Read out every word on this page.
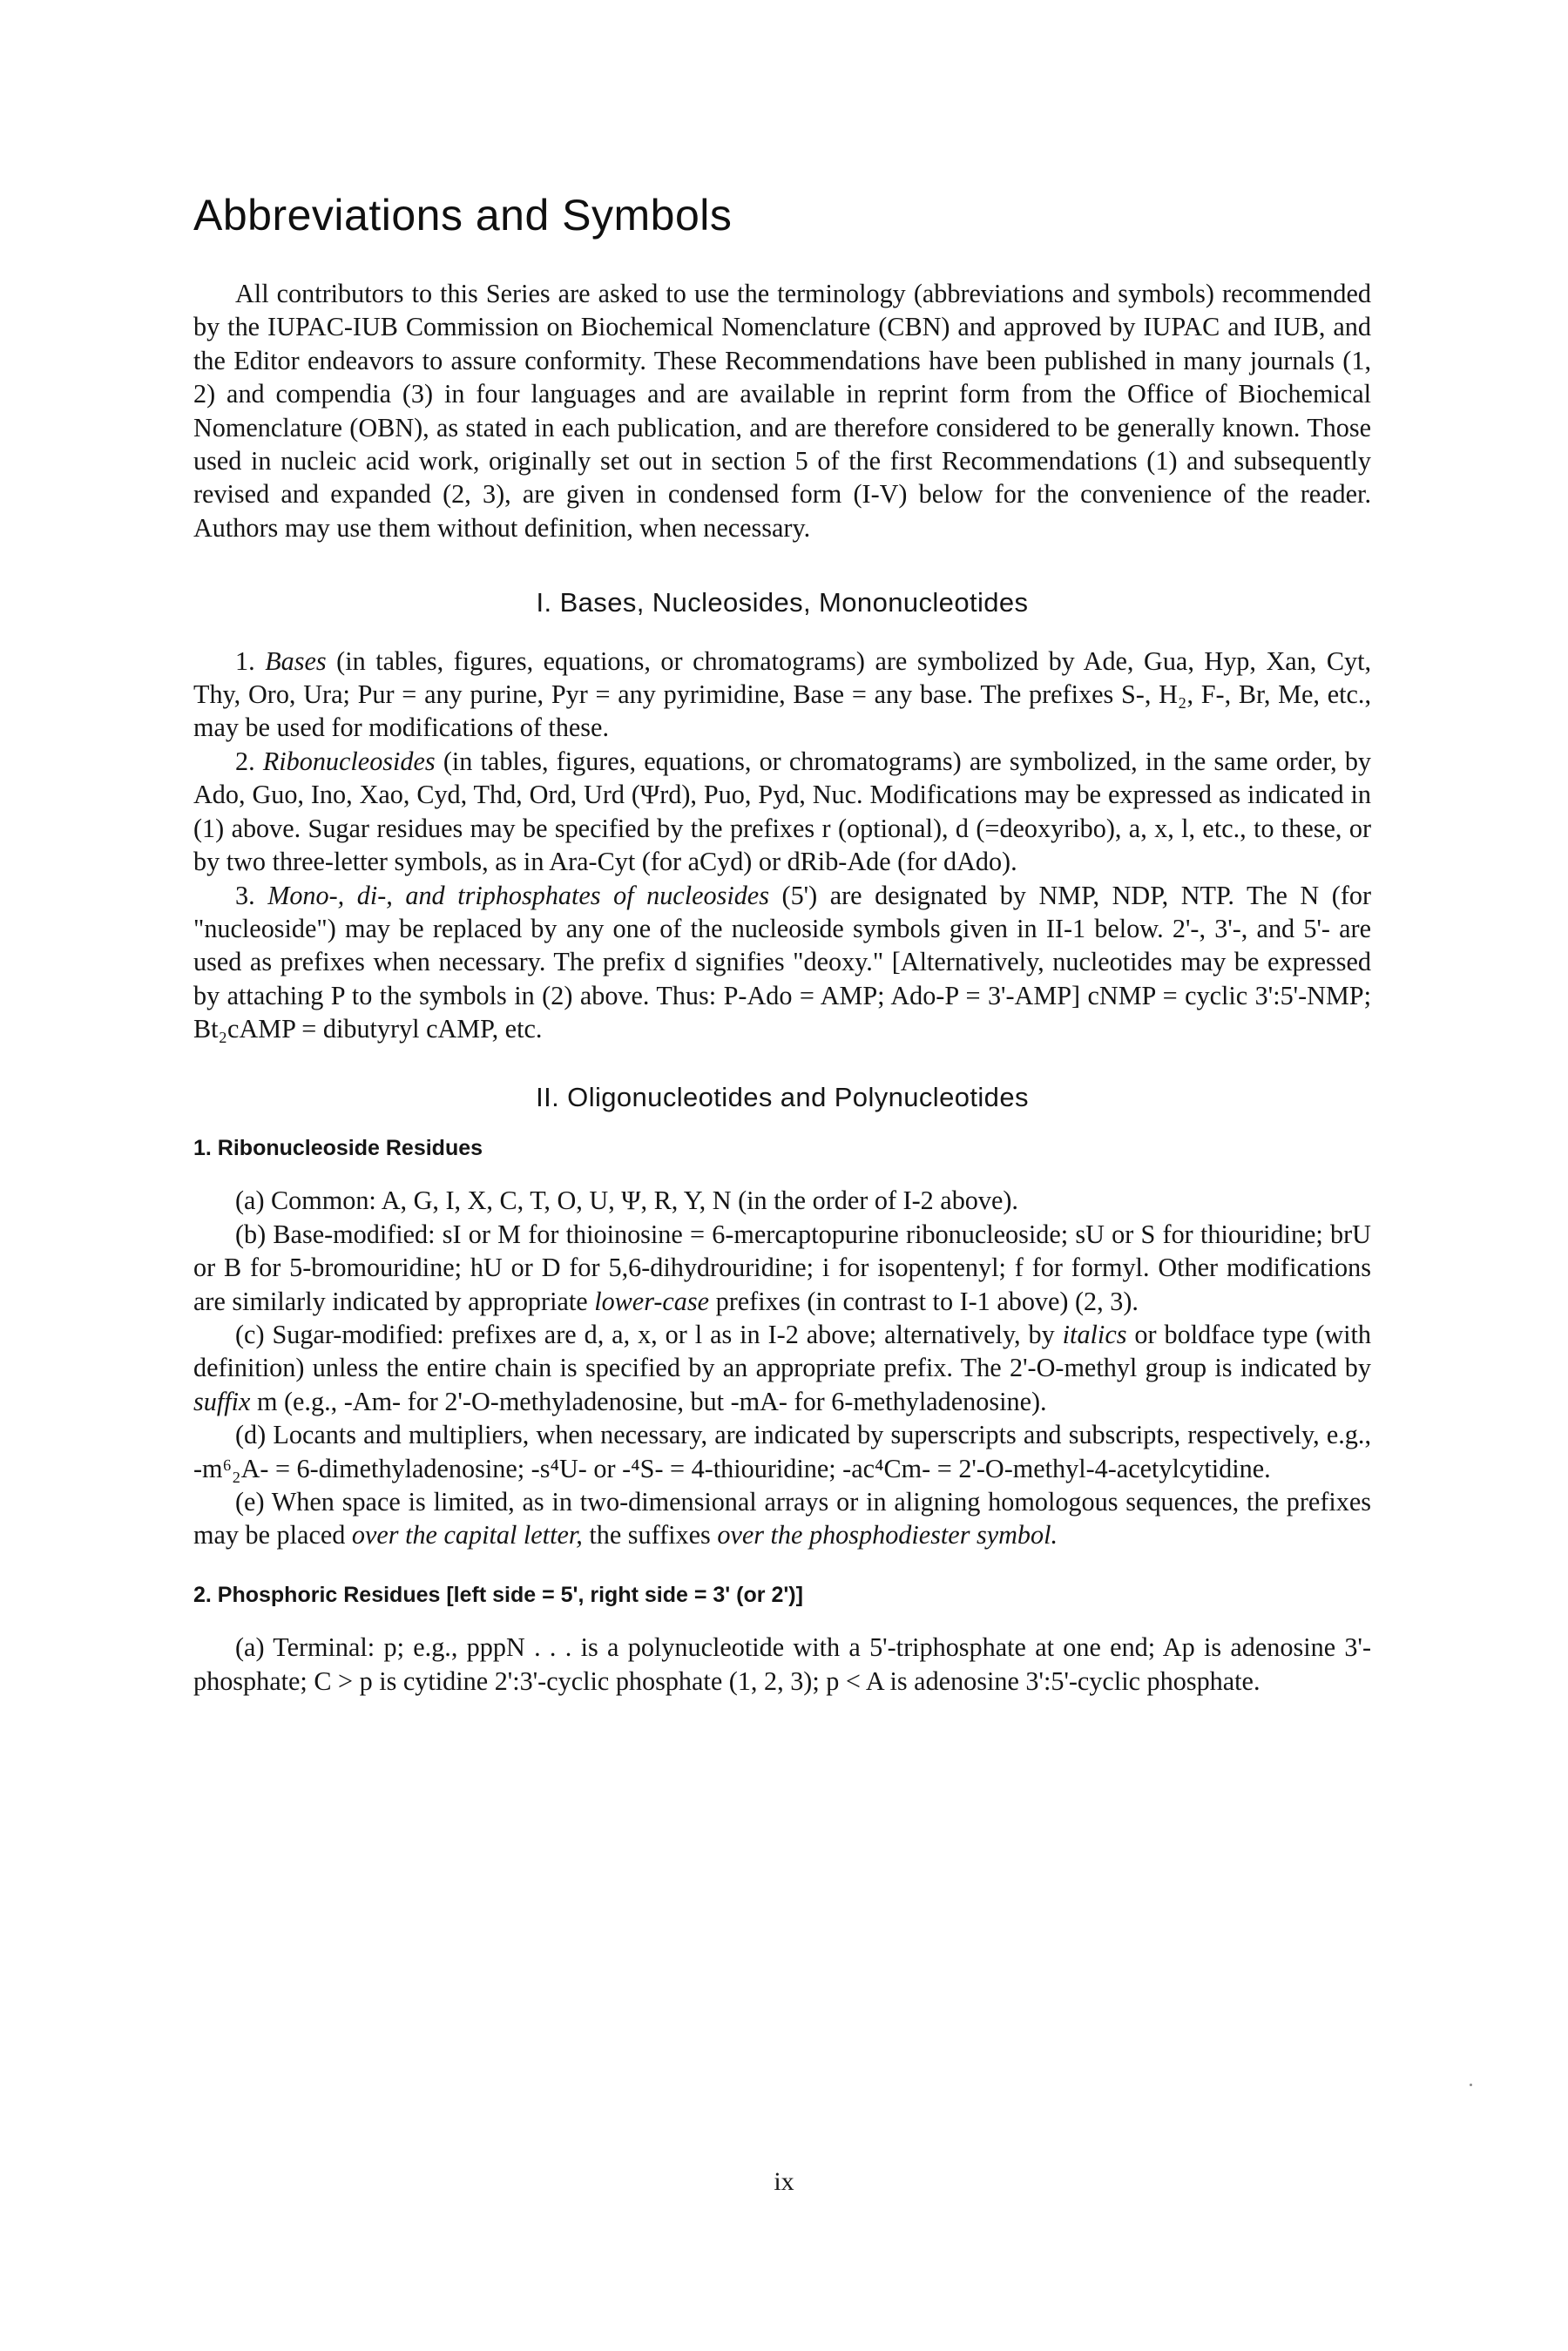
Abbreviations and Symbols

All contributors to this Series are asked to use the terminology (abbreviations and symbols) recommended by the IUPAC-IUB Commission on Biochemical Nomenclature (CBN) and approved by IUPAC and IUB, and the Editor endeavors to assure conformity. These Recommendations have been published in many journals (1, 2) and compendia (3) in four languages and are available in reprint form from the Office of Biochemical Nomenclature (OBN), as stated in each publication, and are therefore considered to be generally known. Those used in nucleic acid work, originally set out in section 5 of the first Recommendations (1) and subsequently revised and expanded (2, 3), are given in condensed form (I-V) below for the convenience of the reader. Authors may use them without definition, when necessary.

I. Bases, Nucleosides, Mononucleotides

1. Bases (in tables, figures, equations, or chromatograms) are symbolized by Ade, Gua, Hyp, Xan, Cyt, Thy, Oro, Ura; Pur = any purine, Pyr = any pyrimidine, Base = any base. The prefixes S-, H₂, F-, Br, Me, etc., may be used for modifications of these.

2. Ribonucleosides (in tables, figures, equations, or chromatograms) are symbolized, in the same order, by Ado, Guo, Ino, Xao, Cyd, Thd, Ord, Urd (Ψrd), Puo, Pyd, Nuc. Modifications may be expressed as indicated in (1) above. Sugar residues may be specified by the prefixes r (optional), d (=deoxyribo), a, x, l, etc., to these, or by two three-letter symbols, as in Ara-Cyt (for aCyd) or dRib-Ade (for dAdo).

3. Mono-, di-, and triphosphates of nucleosides (5') are designated by NMP, NDP, NTP. The N (for "nucleoside") may be replaced by any one of the nucleoside symbols given in II-1 below. 2'-, 3'-, and 5'- are used as prefixes when necessary. The prefix d signifies "deoxy." [Alternatively, nucleotides may be expressed by attaching P to the symbols in (2) above. Thus: P-Ado = AMP; Ado-P = 3'-AMP] cNMP = cyclic 3':5'-NMP; Bt₂cAMP = dibutyryl cAMP, etc.

II. Oligonucleotides and Polynucleotides
1. Ribonucleoside Residues

(a) Common: A, G, I, X, C, T, O, U, Ψ, R, Y, N (in the order of I-2 above).

(b) Base-modified: sI or M for thioinosine = 6-mercaptopurine ribonucleoside; sU or S for thiouridine; brU or B for 5-bromouridine; hU or D for 5,6-dihydrouridine; i for isopentenyl; f for formyl. Other modifications are similarly indicated by appropriate lower-case prefixes (in contrast to I-1 above) (2, 3).

(c) Sugar-modified: prefixes are d, a, x, or l as in I-2 above; alternatively, by italics or boldface type (with definition) unless the entire chain is specified by an appropriate prefix. The 2'-O-methyl group is indicated by suffix m (e.g., -Am- for 2'-O-methyladenosine, but -mA- for 6-methyladenosine).

(d) Locants and multipliers, when necessary, are indicated by superscripts and subscripts, respectively, e.g., -m⁶₂A- = 6-dimethyladenosine; -s⁴U- or -⁴S- = 4-thiouridine; -ac⁴Cm- = 2'-O-methyl-4-acetylcytidine.

(e) When space is limited, as in two-dimensional arrays or in aligning homologous sequences, the prefixes may be placed over the capital letter, the suffixes over the phosphodiester symbol.

2. Phosphoric Residues [left side = 5', right side = 3' (or 2')]

(a) Terminal: p; e.g., pppN . . . is a polynucleotide with a 5'-triphosphate at one end; Ap is adenosine 3'-phosphate; C > p is cytidine 2':3'-cyclic phosphate (1, 2, 3); p < A is adenosine 3':5'-cyclic phosphate.

ix
